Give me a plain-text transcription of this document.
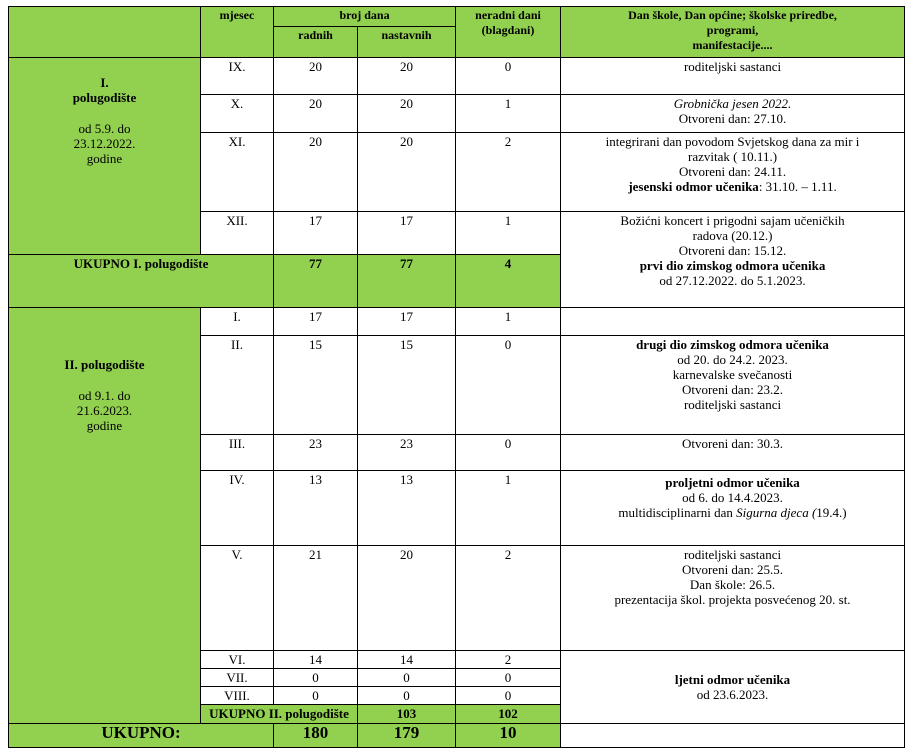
	mjesec	broj dana		neradni dani
(blagdani)	Dan škole, Dan općine; školske priredbe,
programi,
manifestacije....	

		radnih	nastavnih			

I.
polugodište
od 5.9. do
23.12.2022.
godine	IX.	20	20	0	roditeljski sastanci	
	X.	20	20	1	Grobnička jesen 2022.
Otvoreni dan: 27.10.	

	XI.	20	20	2	integrirani dan povodom Svjetskog dana za mir i
razvitak ( 10.11.)
Otvoreni dan: 24.11.
jesenski odmor učenika: 31.10. – 1.11.	

	XII.	17	17	1	Božićni koncert i prigodni sajam učeničkih
radova (20.12.)
Otvoreni dan: 15.12.
prvi dio zimskog odmora učenika
od 27.12.2022. do 5.1.2023.	

UKUPNO I. polugodište		77	77	4		

II. polugodište
od 9.1. do
21.6.2023.
godine	I.	17	17	1		
	II.	15	15	0	drugi dio zimskog odmora učenika
od 20. do 24.2. 2023.
karnevalske svečanosti
Otvoreni dan: 23.2.
roditeljski sastanci	

	III.	23	23	0	Otvoreni dan: 30.3.	
	IV.	13	13	1	proljetni odmor učenika
od 6. do 14.4.2023.
multidisciplinarni dan Sigurna djeca (19.4.)	

	V.	21	20	2	roditeljski sastanci
Otvoreni dan: 25.5.
Dan škole: 26.5.
prezentacija škol. projekta posvećenog 20. st.	

	VI.	14	14	2	ljetni odmor učenika
od 23.6.2023.	

	VII.	0	0	0		
	VIII.	0	0	0		
	UKUPNO II. polugodište		103	102	
UKUPNO:		180	179	10		
